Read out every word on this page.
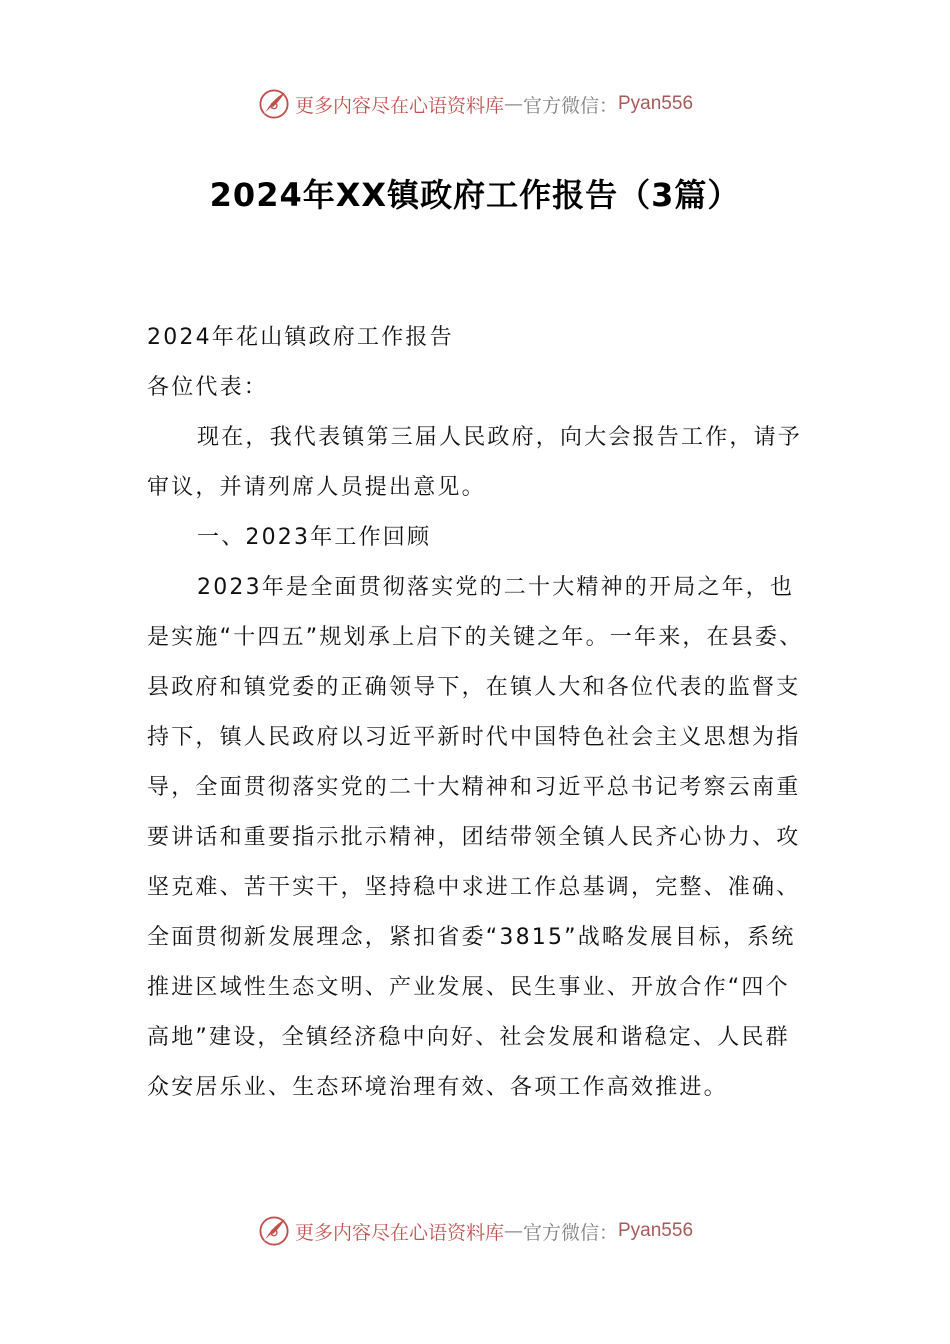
更多内容尽在心语资料库 — 官方微信： Pyan556
2024年XX镇政府工作报告（3篇）

2024年花山镇政府工作报告

各位代表：

现在，我代表镇第三届人民政府，向大会报告工作，请予审议，并请列席人员提出意见。

一、2023年工作回顾

2023年是全面贯彻落实党的二十大精神的开局之年，也是实施“十四五”规划承上启下的关键之年。一年来，在县委、县政府和镇党委的正确领导下，在镇人大和各位代表的监督支持下，镇人民政府以习近平新时代中国特色社会主义思想为指导，全面贯彻落实党的二十大精神和习近平总书记考察云南重要讲话和重要指示批示精神，团结带领全镇人民齐心协力、攻坚克难、苦干实干，坚持稳中求进工作总基调，完整、准确、全面贯彻新发展理念，紧扣省委“3815”战略发展目标，系统推进区域性生态文明、产业发展、民生事业、开放合作“四个高地”建设，全镇经济稳中向好、社会发展和谐稳定、人民群众安居乐业、生态环境治理有效、各项工作高效推进。

更多内容尽在心语资料库 — 官方微信： Pyan556
